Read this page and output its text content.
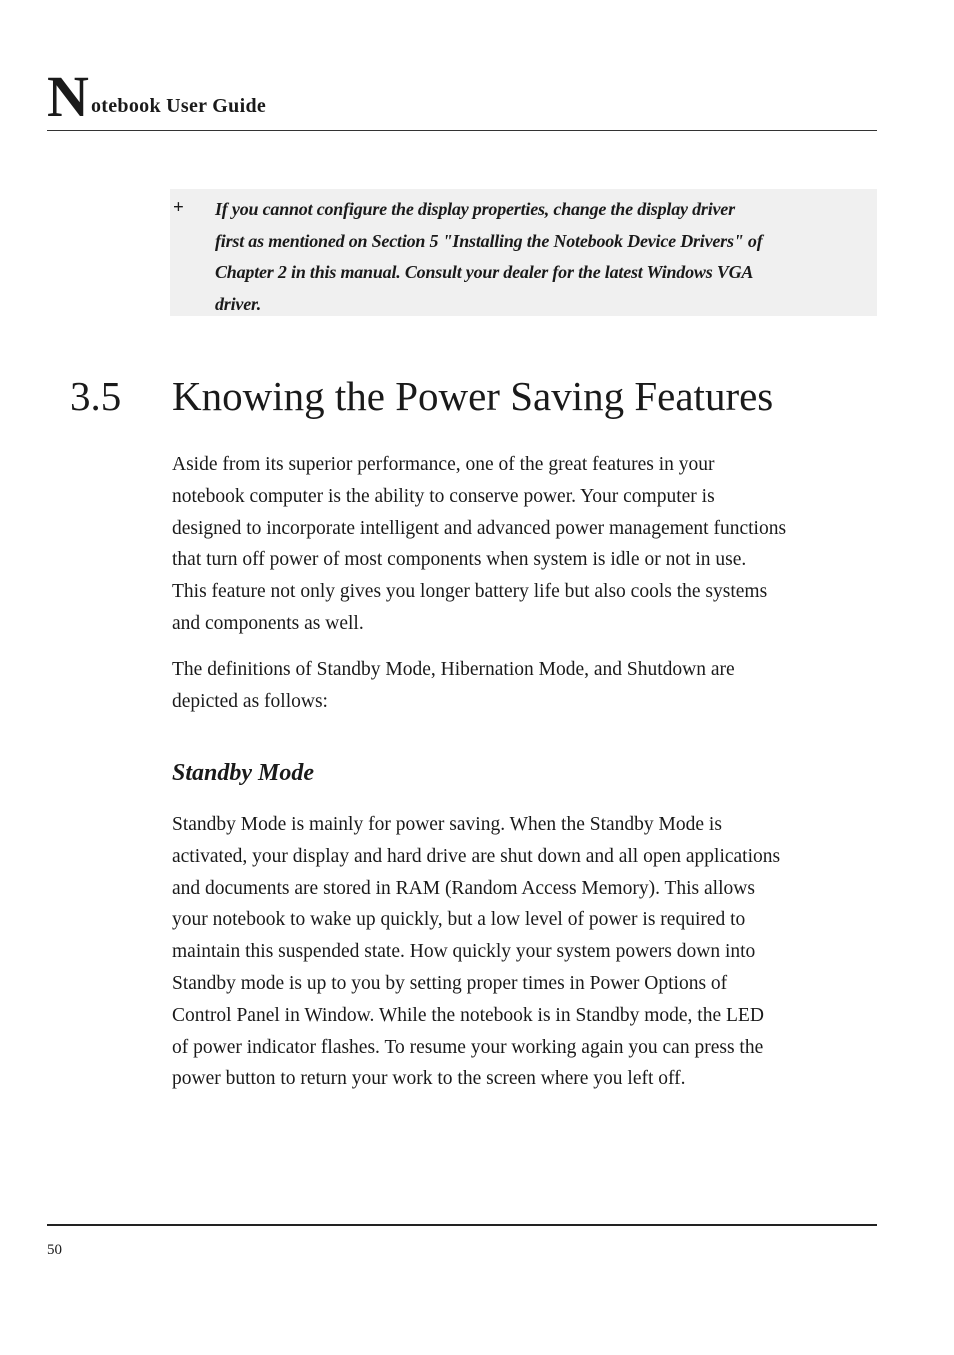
N otebook User Guide
+ If you cannot configure the display properties, change the display driver
first as mentioned on Section 5 "Installing the Notebook Device Drivers" of
Chapter 2 in this manual. Consult your dealer for the latest Windows VGA
driver.
3.5 Knowing the Power Saving Features
Aside from its superior performance, one of the great features in your
notebook computer is the ability to conserve power. Your computer is
designed to incorporate intelligent and advanced power management functions
that turn off power of most components when system is idle or not in use.
This feature not only gives you longer battery life but also cools the systems
and components as well.
The definitions of Standby Mode, Hibernation Mode, and Shutdown are
depicted as follows:
Standby Mode
Standby Mode is mainly for power saving. When the Standby Mode is
activated, your display and hard drive are shut down and all open applications
and documents are stored in RAM (Random Access Memory). This allows
your notebook to wake up quickly, but a low level of power is required to
maintain this suspended state. How quickly your system powers down into
Standby mode is up to you by setting proper times in Power Options of
Control Panel in Window. While the notebook is in Standby mode, the LED
of power indicator flashes. To resume your working again you can press the
power button to return your work to the screen where you left off.
50
